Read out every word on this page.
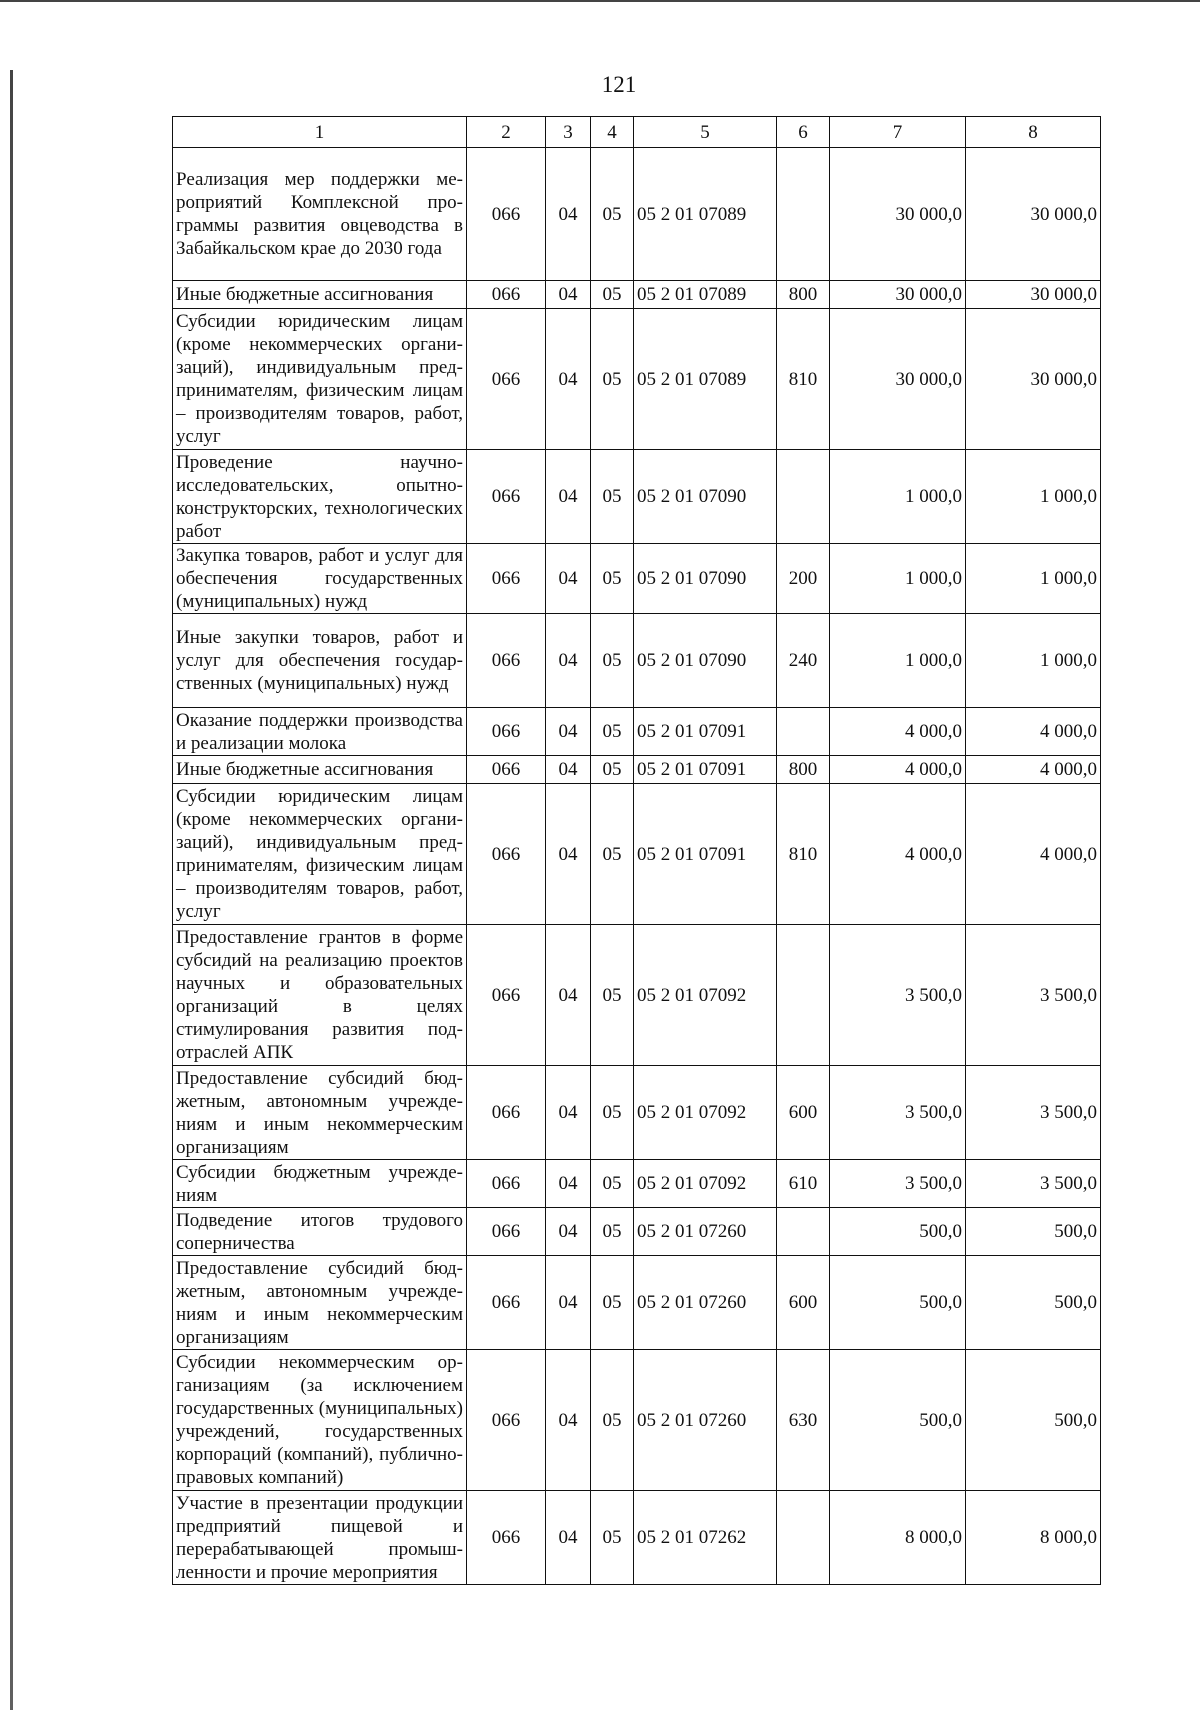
121
1	2	3	4	5	6	7	8
Реализация мер поддержки мероприятий Комплексной программы развития овцеводства в Забайкальском крае до 2030 года	066	04	05	05 2 01 07089		30 000,0	30 000,0
Иные бюджетные ассигнования	066	04	05	05 2 01 07089	800	30 000,0	30 000,0
Субсидии юридическим лицам (кроме некоммерческих организаций), индивидуальным предпринимателям, физическим лицам – производителям товаров, работ, услуг	066	04	05	05 2 01 07089	810	30 000,0	30 000,0
Проведение научно-исследовательских, опытно-конструкторских, технологических работ	066	04	05	05 2 01 07090		1 000,0	1 000,0
Закупка товаров, работ и услуг для обеспечения государственных (муниципальных) нужд	066	04	05	05 2 01 07090	200	1 000,0	1 000,0
Иные закупки товаров, работ и услуг для обеспечения государственных (муниципальных) нужд	066	04	05	05 2 01 07090	240	1 000,0	1 000,0
Оказание поддержки производства и реализации молока	066	04	05	05 2 01 07091		4 000,0	4 000,0
Иные бюджетные ассигнования	066	04	05	05 2 01 07091	800	4 000,0	4 000,0
Субсидии юридическим лицам (кроме некоммерческих организаций), индивидуальным предпринимателям, физическим лицам – производителям товаров, работ, услуг	066	04	05	05 2 01 07091	810	4 000,0	4 000,0
Предоставление грантов в форме субсидий на реализацию проектов научных и образовательных организаций в целях стимулирования развития подотраслей АПК	066	04	05	05 2 01 07092		3 500,0	3 500,0
Предоставление субсидий бюджетным, автономным учреждениям и иным некоммерческим организациям	066	04	05	05 2 01 07092	600	3 500,0	3 500,0
Субсидии бюджетным учреждениям	066	04	05	05 2 01 07092	610	3 500,0	3 500,0
Подведение итогов трудового соперничества	066	04	05	05 2 01 07260		500,0	500,0
Предоставление субсидий бюджетным, автономным учреждениям и иным некоммерческим организациям	066	04	05	05 2 01 07260	600	500,0	500,0
Субсидии некоммерческим организациям (за исключением государственных (муниципальных) учреждений, государственных корпораций (компаний), публично-правовых компаний)	066	04	05	05 2 01 07260	630	500,0	500,0
Участие в презентации продукции предприятий пищевой и перерабатывающей промышленности и прочие мероприятия	066	04	05	05 2 01 07262		8 000,0	8 000,0
